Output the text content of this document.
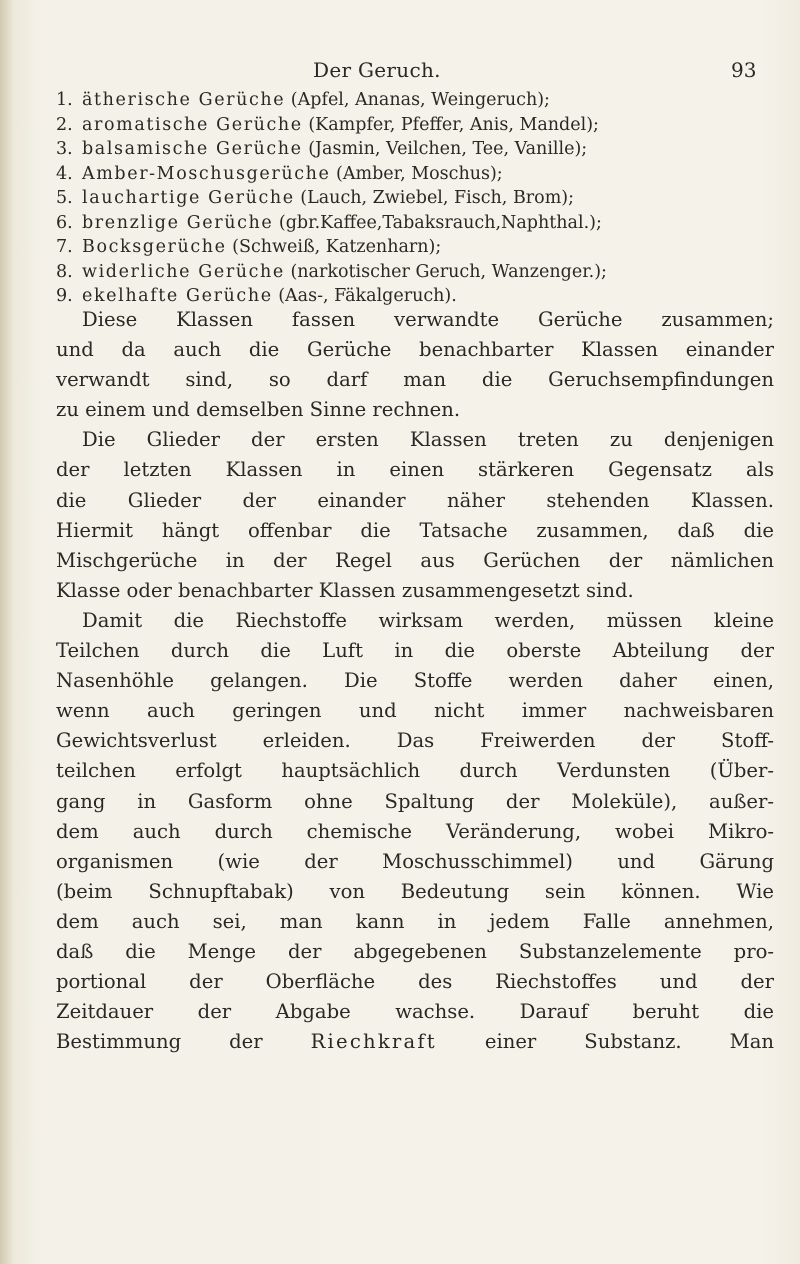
Der Geruch.	93
1. ätherische Gerüche (Apfel, Ananas, Weingeruch);
2. aromatische Gerüche (Kampfer, Pfeffer, Anis, Mandel);
3. balsamische Gerüche (Jasmin, Veilchen, Tee, Vanille);
4. Amber-Moschusgerüche (Amber, Moschus);
5. lauchartige Gerüche (Lauch, Zwiebel, Fisch, Brom);
6. brenzlige Gerüche (gbr.Kaffee,Tabaksrauch,Naphthal.);
7. Bocksgerüche (Schweiß, Katzenharn);
8. widerliche Gerüche (narkotischer Geruch, Wanzenger.);
9. ekelhafte Gerüche (Aas-, Fäkalgeruch).

Diese Klassen fassen verwandte Gerüche zusammen;

und da auch die Gerüche benachbarter Klassen einander

verwandt sind, so darf man die Geruchsempfindungen

zu einem und demselben Sinne rechnen.

Die Glieder der ersten Klassen treten zu denjenigen

der letzten Klassen in einen stärkeren Gegensatz als

die Glieder der einander näher stehenden Klassen.

Hiermit hängt offenbar die Tatsache zusammen, daß die

Mischgerüche in der Regel aus Gerüchen der nämlichen

Klasse oder benachbarter Klassen zusammengesetzt sind.

Damit die Riechstoffe wirksam werden, müssen kleine

Teilchen durch die Luft in die oberste Abteilung der

Nasenhöhle gelangen. Die Stoffe werden daher einen,

wenn auch geringen und nicht immer nachweisbaren

Gewichtsverlust erleiden. Das Freiwerden der Stoff-

teilchen erfolgt hauptsächlich durch Verdunsten (Über-

gang in Gasform ohne Spaltung der Moleküle), außer-

dem auch durch chemische Veränderung, wobei Mikro-

organismen (wie der Moschusschimmel) und Gärung

(beim Schnupftabak) von Bedeutung sein können. Wie

dem auch sei, man kann in jedem Falle annehmen,

daß die Menge der abgegebenen Substanzelemente pro-

portional der Oberfläche des Riechstoffes und der

Zeitdauer der Abgabe wachse. Darauf beruht die

Bestimmung der Riechkraft einer Substanz. Man
